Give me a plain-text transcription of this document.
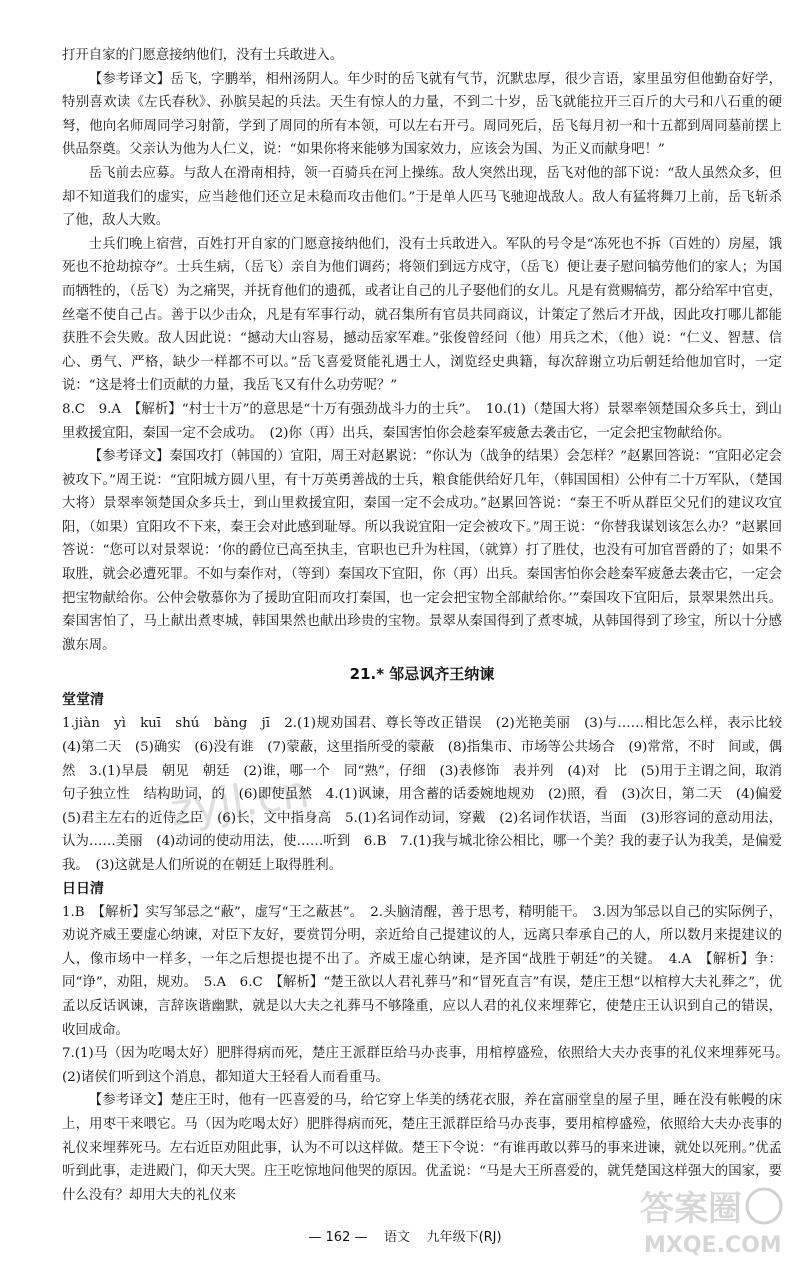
打开自家的门愿意接纳他们，没有士兵敢进入。

【参考译文】岳飞，字鹏举，相州汤阴人。年少时的岳飞就有气节，沉默忠厚，很少言语，家里虽穷但他勤奋好学，特别喜欢读《左氏春秋》、孙膑吴起的兵法。天生有惊人的力量，不到二十岁，岳飞就能拉开三百斤的大弓和八石重的硬弩，他向名师周同学习射箭，学到了周同的所有本领，可以左右开弓。周同死后，岳飞每月初一和十五都到周同墓前摆上供品祭奠。父亲认为他为人仁义，说：“如果你将来能够为国家效力，应该会为国、为正义而献身吧！”

岳飞前去应募。与敌人在滑南相持，领一百骑兵在河上操练。敌人突然出现，岳飞对他的部下说：“敌人虽然众多，但却不知道我们的虚实，应当趁他们还立足未稳而攻击他们。”于是单人匹马飞驰迎战敌人。敌人有猛将舞刀上前，岳飞斩杀了他，敌人大败。

士兵们晚上宿营，百姓打开自家的门愿意接纳他们，没有士兵敢进入。军队的号令是“冻死也不拆（百姓的）房屋，饿死也不抢劫掠夺”。士兵生病，（岳飞）亲自为他们调药；将领们到远方戍守，（岳飞）便让妻子慰问犒劳他们的家人；为国而牺牲的，（岳飞）为之痛哭，并抚育他们的遗孤，或者让自己的儿子娶他们的女儿。凡是有赏赐犒劳，都分给军中官吏，丝毫不使自己占。善于以少击众，凡是有军事行动，就召集所有官员共同商议，计策定了然后才开战，因此攻打哪儿都能获胜不会失败。敌人因此说：“撼动大山容易，撼动岳家军难。”张俊曾经问（他）用兵之术，（他）说：“仁义、智慧、信心、勇气、严格，缺少一样都不可以。”岳飞喜爱贤能礼遇士人，浏览经史典籍，每次辞谢立功后朝廷给他加官时，一定说：“这是将士们贡献的力量，我岳飞又有什么功劳呢？”

8.C　9.A　【解析】“村士十万”的意思是“十万有强劲战斗力的士兵”。　10.(1)（楚国大将）景翠率领楚国众多兵士，到山里救援宜阳，秦国一定不会成功。　(2)你（再）出兵，秦国害怕你会趁秦军疲惫去袭击它，一定会把宝物献给你。

【参考译文】秦国攻打（韩国的）宜阳，周王对赵累说：“你认为（战争的结果）会怎样？”赵累回答说：“宜阳必定会被攻下。”周王说：“宜阳城方圆八里，有十万英勇善战的士兵，粮食能供给好几年，（韩国国相）公仲有二十万军队，（楚国大将）景翠率领楚国众多兵士，到山里救援宜阳，秦国一定不会成功。”赵累回答说：“秦王不听从群臣父兄们的建议攻宜阳，（如果）宜阳攻不下来，秦王会对此感到耻辱。所以我说宜阳一定会被攻下。”周王说：“你替我谋划该怎么办？”赵累回答说：“您可以对景翠说：‘你的爵位已高至执圭，官职也已升为柱国，（就算）打了胜仗，也没有可加官晋爵的了；如果不取胜，就会必遭死罪。不如与秦作对，（等到）秦国攻下宜阳，你（再）出兵。秦国害怕你会趁秦军疲惫去袭击它，一定会把宝物献给你。公仲会敬慕你为了援助宜阳而攻打秦国，也一定会把宝物全部献给你。’”秦国攻下宜阳后，景翠果然出兵。秦国害怕了，马上献出煮枣城，韩国果然也献出珍贵的宝物。景翠从秦国得到了煮枣城，从韩国得到了珍宝，所以十分感激东周。

21.* 邹忌讽齐王纳谏
堂堂清

1.jiàn　yì　kuī　shú　bàng　jī　2.(1)规劝国君、尊长等改正错误　(2)光艳美丽　(3)与……相比怎么样，表示比较　(4)第二天　(5)确实　(6)没有谁　(7)蒙蔽，这里指所受的蒙蔽　(8)指集市、市场等公共场合　(9)常常，不时　间或，偶然　3.(1)早晨　朝见　朝廷　(2)谁，哪一个　同“熟”，仔细　(3)表修饰　表并列　(4)对　比　(5)用于主谓之间，取消句子独立性　结构助词，的　(6)即使虽然　4.(1)讽谏，用含蓄的话委婉地规劝　(2)照，看　(3)次日，第二天　(4)偏爱　(5)君主左右的近侍之臣　(6)长，文中指身高　5.(1)名词作动词，穿戴　(2)名词作状语，当面　(3)形容词的意动用法，认为……美丽　(4)动词的使动用法，使……听到　6.B　7.(1)我与城北徐公相比，哪一个美？我的妻子认为我美，是偏爱我。　(3)这就是人们所说的在朝廷上取得胜利。

日日清

1.B　【解析】实写邹忌之“蔽”，虚写“王之蔽甚”。　2.头脑清醒，善于思考，精明能干。　3.因为邹忌以自己的实际例子，劝说齐威王要虚心纳谏，对臣下友好，要赏罚分明，亲近给自己提建议的人，远离只奉承自己的人，所以数月来提建议的人，像市场中一样多，一年之后想提也提不出了。齐威王虚心纳谏，是齐国“战胜于朝廷”的关键。　4.A　【解析】争：同“诤”，劝阻，规劝。　5.A　6.C　【解析】“楚王欲以人君礼葬马”和“冒死直言”有误，楚庄王想“以棺椁大夫礼葬之”，优孟以反话讽谏，言辞诙谐幽默，就是以大夫之礼葬马不够隆重，应以人君的礼仪来埋葬它，使楚庄王认识到自己的错误，收回成命。

7.(1)马（因为吃喝太好）肥胖得病而死，楚庄王派群臣给马办丧事，用棺椁盛殓，依照给大夫办丧事的礼仪来埋葬死马。　(2)诸侯们听到这个消息，都知道大王轻看人而看重马。

【参考译文】楚庄王时，他有一匹喜爱的马，给它穿上华美的绣花衣服，养在富丽堂皇的屋子里，睡在没有帐幔的床上，用枣干来喂它。马（因为吃喝太好）肥胖得病而死，楚庄王派群臣给马办丧事，要用棺椁盛殓，依照给大夫办丧事的礼仪来埋葬死马。左右近臣劝阻此事，认为不可以这样做。楚王下令说：“有谁再敢以葬马的事来进谏，就处以死刑。”优孟听到此事，走进殿门，仰天大哭。庄王吃惊地问他哭的原因。优孟说：“马是大王所喜爱的，就凭楚国这样强大的国家，要什么没有？却用大夫的礼仪来

— 162 — 语文 九年级下(RJ)
zyjl.cn
答案圈
MXQE.COM
